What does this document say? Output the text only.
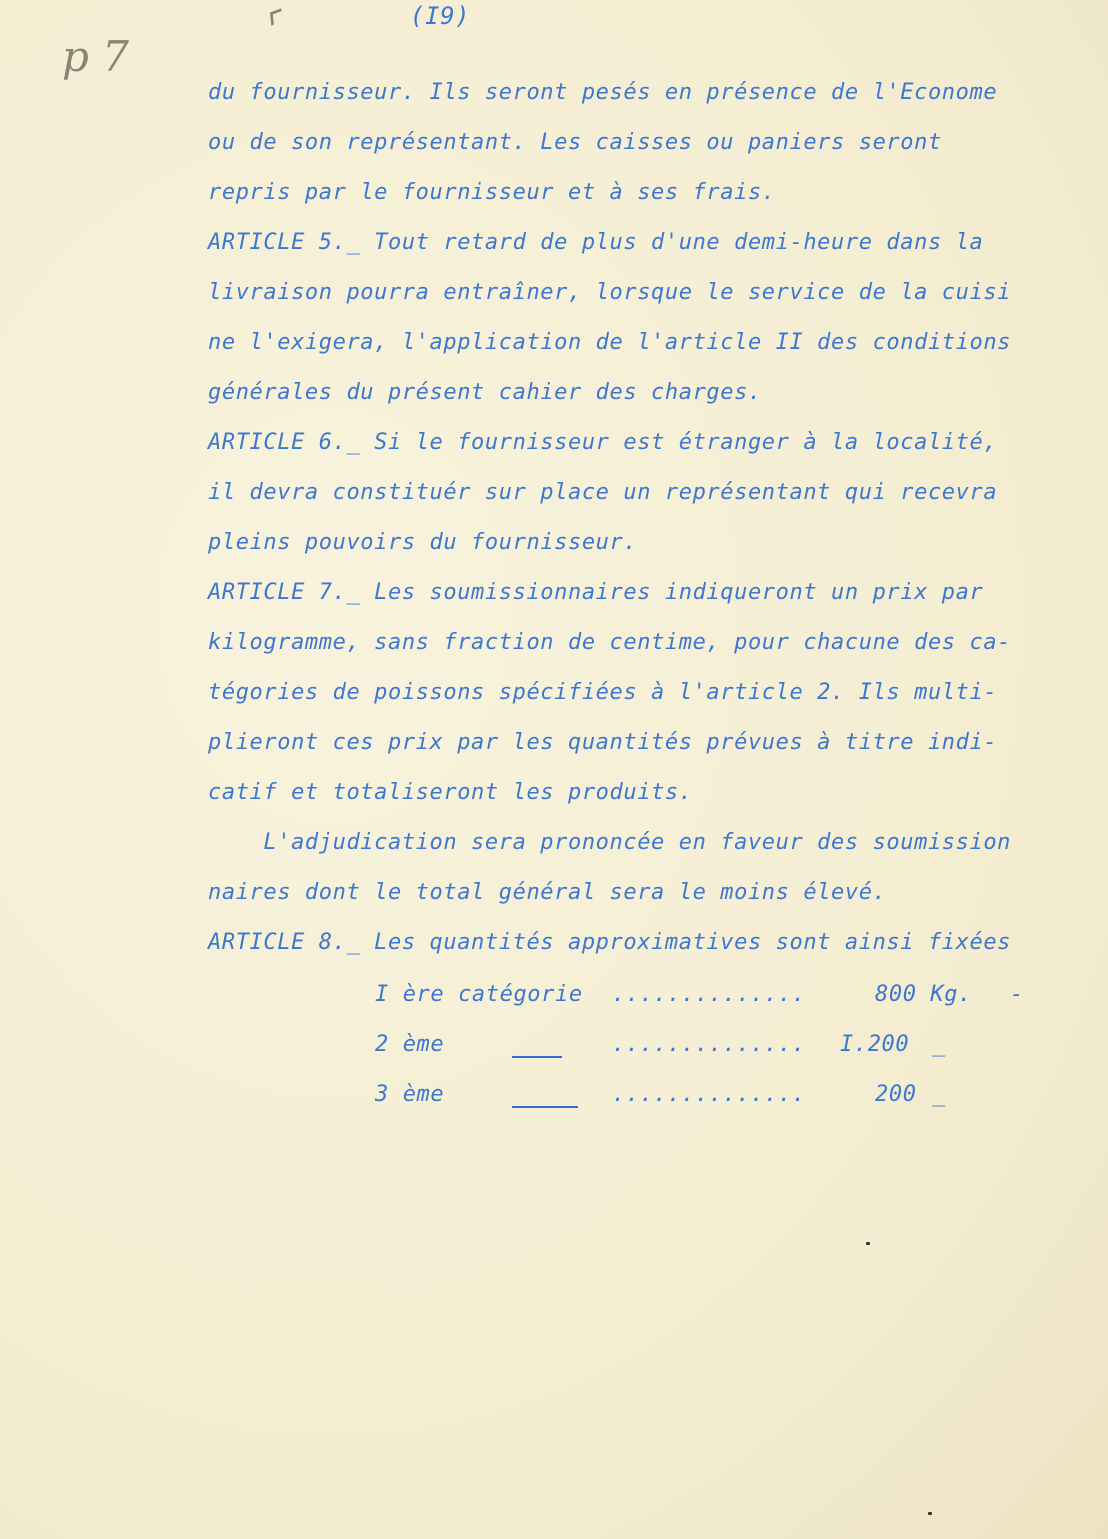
p 7
⌜	(I9)
du fournisseur. Ils seront pesés en présence de l'Econome
ou de son représentant. Les caisses ou paniers seront
repris par le fournisseur et à ses frais.
ARTICLE 5._ Tout retard de plus d'une demi-heure dans la
livraison pourra entraîner, lorsque le service de la cuisi
ne l'exigera, l'application de l'article II des conditions
générales du présent cahier des charges.
ARTICLE 6._ Si le fournisseur est étranger à la localité,
il devra constituér sur place un représentant qui recevra
pleins pouvoirs du fournisseur.
ARTICLE 7._ Les soumissionnaires indiqueront un prix par
kilogramme, sans fraction de centime, pour chacune des ca-
tégories de poissons spécifiées à l'article 2. Ils multi-
plieront ces prix par les quantités prévues à titre indi-
catif et totaliseront les produits.
L'adjudication sera prononcée en faveur des soumission
naires dont le total général sera le moins élevé.
ARTICLE 8._ Les quantités approximatives sont ainsi fixées
I ère catégorie ..............	800 Kg. -
2 ème	.............. I.200 _
3 ème	..............	200 _
